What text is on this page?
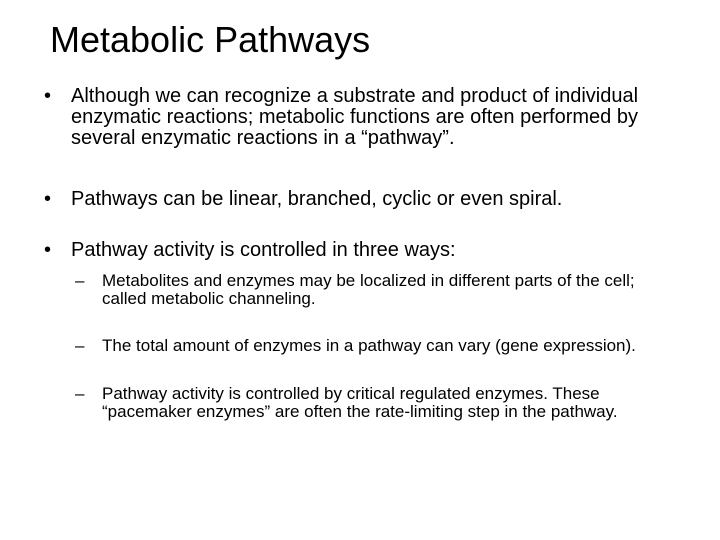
Metabolic Pathways
• Although we can recognize a substrate and product of individual enzymatic reactions; metabolic functions are often performed by several enzymatic reactions in a “pathway”.
• Pathways can be linear, branched, cyclic or even spiral.
• Pathway activity is controlled in three ways:
–	Metabolites and enzymes may be localized in different parts of the cell; called metabolic channeling.
–	The total amount of enzymes in a pathway can vary (gene expression).
–	Pathway activity is controlled by critical regulated enzymes. These “pacemaker enzymes” are often the rate-limiting step in the pathway.
